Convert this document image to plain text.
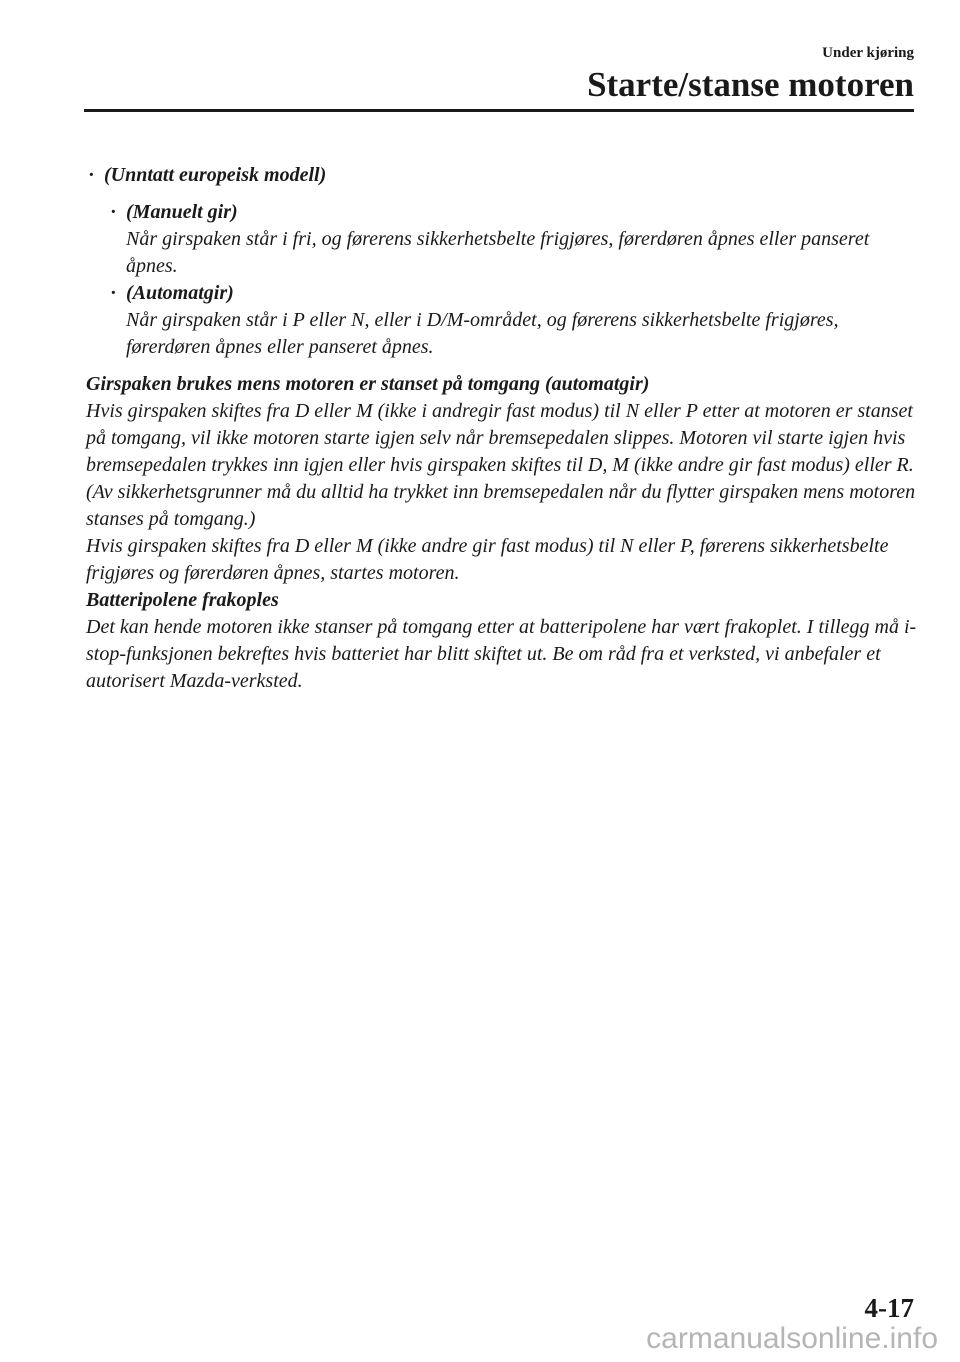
Under kjøring
Starte/stanse motoren
· (Unntatt europeisk modell)
· (Manuelt gir)
Når girspaken står i fri, og førerens sikkerhetsbelte frigjøres, førerdøren åpnes eller panseret åpnes.
· (Automatgir)
Når girspaken står i P eller N, eller i D/M-området, og førerens sikkerhetsbelte frigjøres, førerdøren åpnes eller panseret åpnes.
Girspaken brukes mens motoren er stanset på tomgang (automatgir)

Hvis girspaken skiftes fra D eller M (ikke i andregir fast modus) til N eller P etter at motoren er stanset på tomgang, vil ikke motoren starte igjen selv når bremsepedalen slippes. Motoren vil starte igjen hvis bremsepedalen trykkes inn igjen eller hvis girspaken skiftes til D, M (ikke andre gir fast modus) eller R. (Av sikkerhetsgrunner må du alltid ha trykket inn bremsepedalen når du flytter girspaken mens motoren stanses på tomgang.)

Hvis girspaken skiftes fra D eller M (ikke andre gir fast modus) til N eller P, førerens sikkerhetsbelte frigjøres og førerdøren åpnes, startes motoren.

Batteripolene frakoples

Det kan hende motoren ikke stanser på tomgang etter at batteripolene har vært frakoplet. I tillegg må i-stop-funksjonen bekreftes hvis batteriet har blitt skiftet ut. Be om råd fra et verksted, vi anbefaler et autorisert Mazda-verksted.

4-17
carmanualsonline.info
